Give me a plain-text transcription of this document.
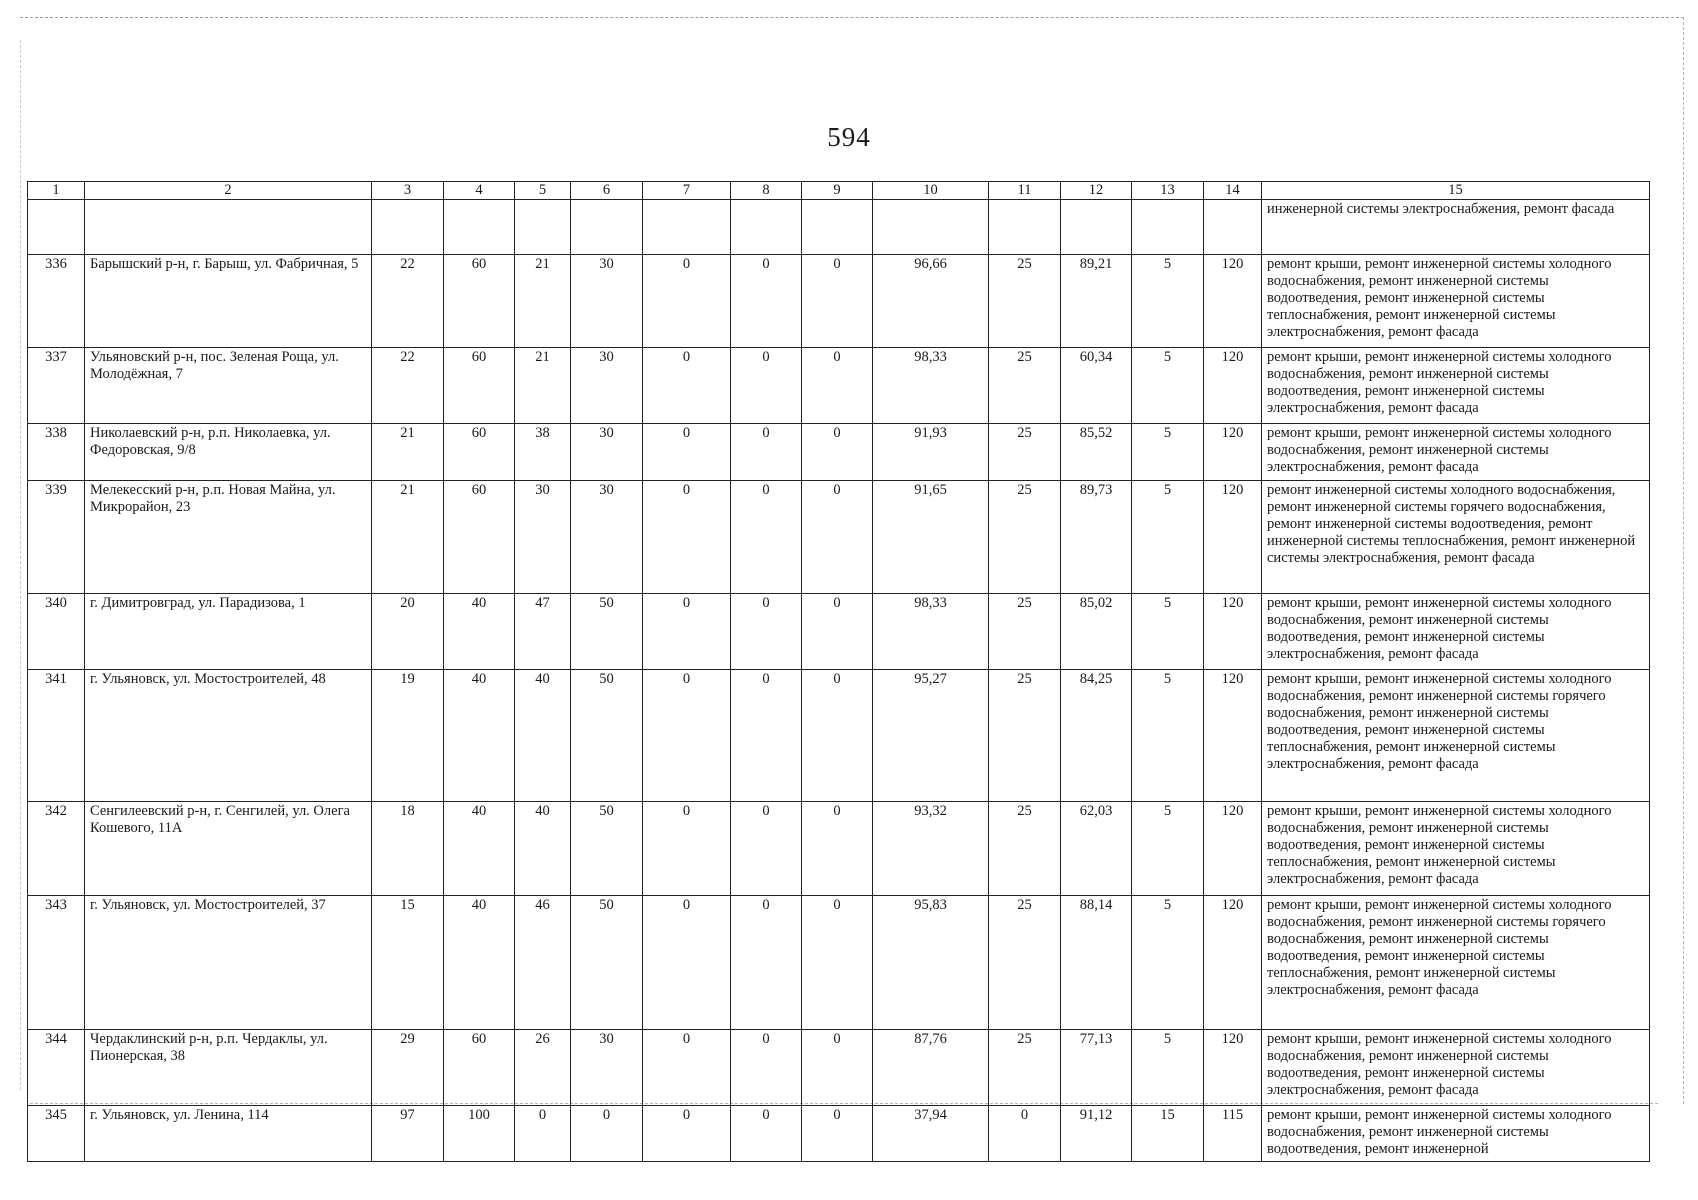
594
1	2	3	4	5	6	7	8	9	10	11	12	13	14	15
														инженерной системы электроснабжения, ремонт фасада
336	Барышский р-н, г. Барыш, ул. Фабричная, 5	22	60	21	30	0	0	0	96,66	25	89,21	5	120	ремонт крыши, ремонт инженерной системы холодного водоснабжения, ремонт инженерной системы водоотведения, ремонт инженерной системы теплоснабжения, ремонт инженерной системы электроснабжения, ремонт фасада
337	Ульяновский р-н, пос. Зеленая Роща, ул. Молодёжная, 7	22	60	21	30	0	0	0	98,33	25	60,34	5	120	ремонт крыши, ремонт инженерной системы холодного водоснабжения, ремонт инженерной системы водоотведения, ремонт инженерной системы электроснабжения, ремонт фасада
338	Николаевский р-н, р.п. Николаевка, ул. Федоровская, 9/8	21	60	38	30	0	0	0	91,93	25	85,52	5	120	ремонт крыши, ремонт инженерной системы холодного водоснабжения, ремонт инженерной системы электроснабжения, ремонт фасада
339	Мелекесский р-н, р.п. Новая Майна, ул. Микрорайон, 23	21	60	30	30	0	0	0	91,65	25	89,73	5	120	ремонт инженерной системы холодного водоснабжения, ремонт инженерной системы горячего водоснабжения, ремонт инженерной системы водоотведения, ремонт инженерной системы теплоснабжения, ремонт инженерной системы электроснабжения, ремонт фасада
340	г. Димитровград, ул. Парадизова, 1	20	40	47	50	0	0	0	98,33	25	85,02	5	120	ремонт крыши, ремонт инженерной системы холодного водоснабжения, ремонт инженерной системы водоотведения, ремонт инженерной системы электроснабжения, ремонт фасада
341	г. Ульяновск, ул. Мостостроителей, 48	19	40	40	50	0	0	0	95,27	25	84,25	5	120	ремонт крыши, ремонт инженерной системы холодного водоснабжения, ремонт инженерной системы горячего водоснабжения, ремонт инженерной системы водоотведения, ремонт инженерной системы теплоснабжения, ремонт инженерной системы электроснабжения, ремонт фасада
342	Сенгилеевский р-н, г. Сенгилей, ул. Олега Кошевого, 11А	18	40	40	50	0	0	0	93,32	25	62,03	5	120	ремонт крыши, ремонт инженерной системы холодного водоснабжения, ремонт инженерной системы водоотведения, ремонт инженерной системы теплоснабжения, ремонт инженерной системы электроснабжения, ремонт фасада
343	г. Ульяновск, ул. Мостостроителей, 37	15	40	46	50	0	0	0	95,83	25	88,14	5	120	ремонт крыши, ремонт инженерной системы холодного водоснабжения, ремонт инженерной системы горячего водоснабжения, ремонт инженерной системы водоотведения, ремонт инженерной системы теплоснабжения, ремонт инженерной системы электроснабжения, ремонт фасада
344	Чердаклинский р-н, р.п. Чердаклы, ул. Пионерская, 38	29	60	26	30	0	0	0	87,76	25	77,13	5	120	ремонт крыши, ремонт инженерной системы холодного водоснабжения, ремонт инженерной системы водоотведения, ремонт инженерной системы электроснабжения, ремонт фасада
345	г. Ульяновск, ул. Ленина, 114	97	100	0	0	0	0	0	37,94	0	91,12	15	115	ремонт крыши, ремонт инженерной системы холодного водоснабжения, ремонт инженерной системы водоотведения, ремонт инженерной
